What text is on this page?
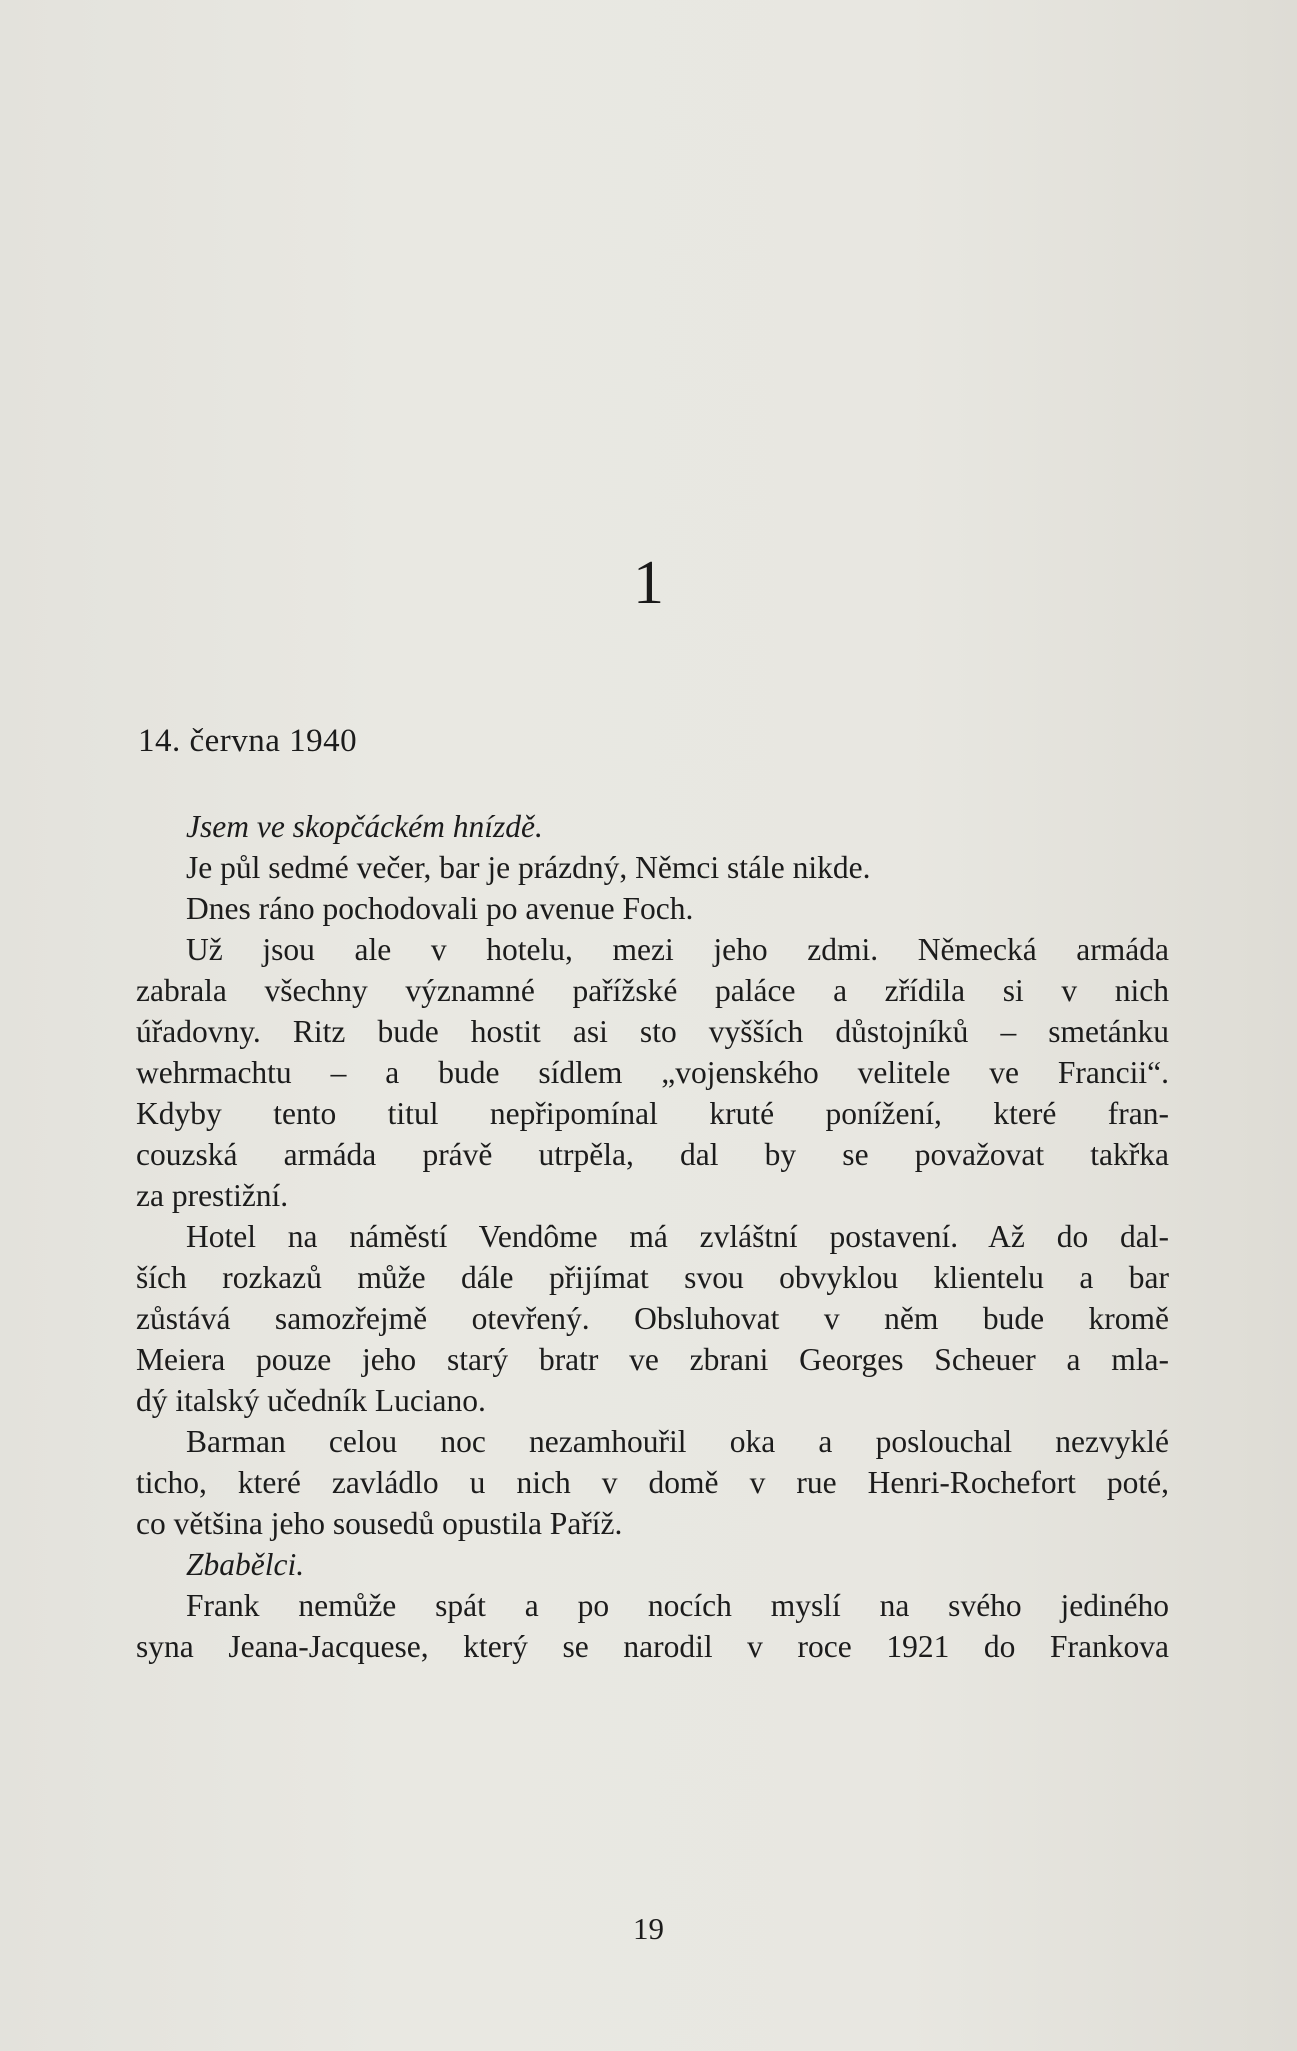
1
14. června 1940
Jsem ve skopčáckém hnízdě.
Je půl sedmé večer, bar je prázdný, Němci stále nikde.
Dnes ráno pochodovali po avenue Foch.
Už jsou ale v hotelu, mezi jeho zdmi. Německá armáda
zabrala všechny významné pařížské paláce a zřídila si v nich
úřadovny. Ritz bude hostit asi sto vyšších důstojníků – smetánku
wehrmachtu – a bude sídlem „vojenského velitele ve Francii“.
Kdyby tento titul nepřipomínal kruté ponížení, které fran-
couzská armáda právě utrpěla, dal by se považovat takřka
za prestižní.
Hotel na náměstí Vendôme má zvláštní postavení. Až do dal-
ších rozkazů může dále přijímat svou obvyklou klientelu a bar
zůstává samozřejmě otevřený. Obsluhovat v něm bude kromě
Meiera pouze jeho starý bratr ve zbrani Georges Scheuer a mla-
dý italský učedník Luciano.
Barman celou noc nezamhouřil oka a poslouchal nezvyklé
ticho, které zavládlo u nich v domě v rue Henri-Rochefort poté,
co většina jeho sousedů opustila Paříž.
Zbabělci.
Frank nemůže spát a po nocích myslí na svého jediného
syna Jeana-Jacquese, který se narodil v roce 1921 do Frankova
19
